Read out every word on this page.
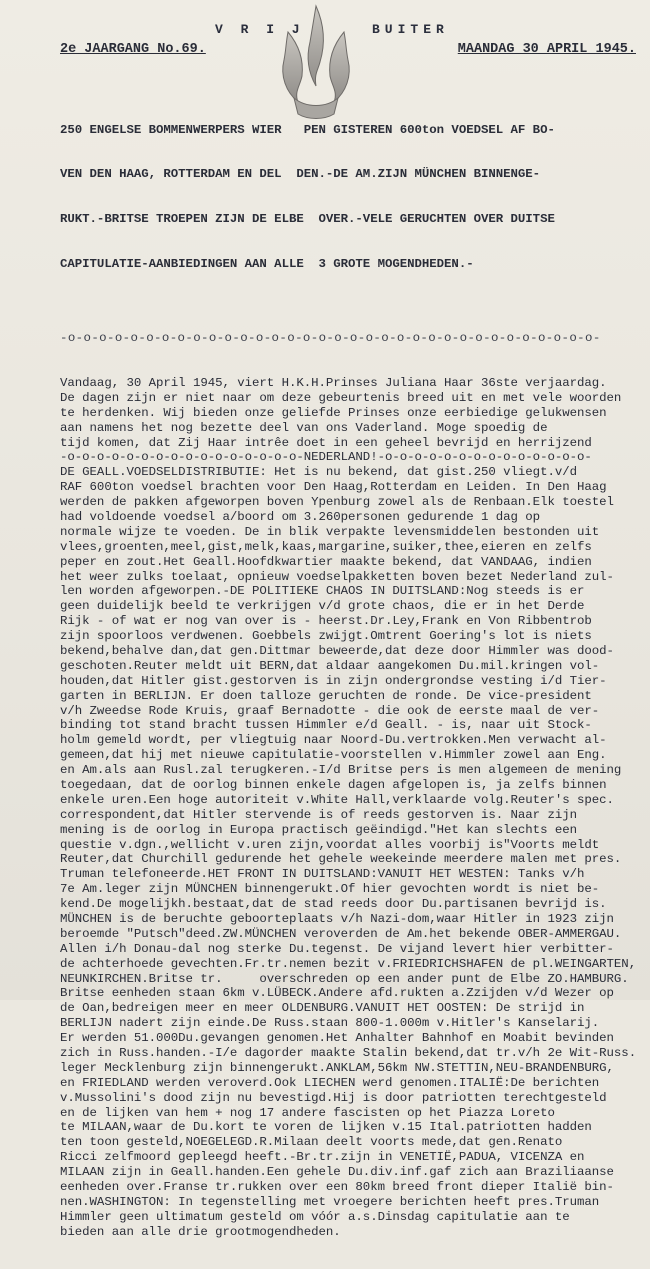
V R I J	BUITER
2e JAARGANG No.69.	MAANDAG 30 APRIL 1945.

250 ENGELSE BOMMENWERPERS WIER   PEN GISTEREN 600ton VOEDSEL AF BO-

VEN DEN HAAG, ROTTERDAM EN DEL  DEN.-DE AM.ZIJN MÜNCHEN BINNENGE-

RUKT.-BRITSE TROEPEN ZIJN DE ELBE  OVER.-VELE GERUCHTEN OVER DUITSE

CAPITULATIE-AANBIEDINGEN AAN ALLE  3 GROTE MOGENDHEDEN.-

-o-o-o-o-o-o-o-o-o-o-o-o-o-o-o-o-o-o-o-o-o-o-o-o-o-o-o-o-o-o-o-o-o-o-

Vandaag, 30 April 1945, viert H.K.H.Prinses Juliana Haar 36ste verjaardag.
De dagen zijn er niet naar om deze gebeurtenis breed uit en met vele woorden
te herdenken. Wij bieden onze geliefde Prinses onze eerbiedige gelukwensen
aan namens het nog bezette deel van ons Vaderland. Moge spoedig de
tijd komen, dat Zij Haar intrêe doet in een geheel bevrijd en herrijzend
-o-o-o-o-o-o-o-o-o-o-o-o-o-o-o-o-NEDERLAND!-o-o-o-o-o-o-o-o-o-o-o-o-o-o-
DE GEALL.VOEDSELDISTRIBUTIE: Het is nu bekend, dat gist.250 vliegt.v/d
RAF 600ton voedsel brachten voor Den Haag,Rotterdam en Leiden. In Den Haag
werden de pakken afgeworpen boven Ypenburg zowel als de Renbaan.Elk toestel
had voldoende voedsel a/boord om 3.260personen gedurende 1 dag op
normale wijze te voeden. De in blik verpakte levensmiddelen bestonden uit
vlees,groenten,meel,gist,melk,kaas,margarine,suiker,thee,eieren en zelfs
peper en zout.Het Geall.Hoofdkwartier maakte bekend, dat VANDAAG, indien
het weer zulks toelaat, opnieuw voedselpakketten boven bezet Nederland zul-
len worden afgeworpen.-DE POLITIEKE CHAOS IN DUITSLAND:Nog steeds is er
geen duidelijk beeld te verkrijgen v/d grote chaos, die er in het Derde
Rijk - of wat er nog van over is - heerst.Dr.Ley,Frank en Von Ribbentrob
zijn spoorloos verdwenen. Goebbels zwijgt.Omtrent Goering's lot is niets
bekend,behalve dan,dat gen.Dittmar beweerde,dat deze door Himmler was dood-
geschoten.Reuter meldt uit BERN,dat aldaar aangekomen Du.mil.kringen vol-
houden,dat Hitler gist.gestorven is in zijn ondergrondse vesting i/d Tier-
garten in BERLIJN. Er doen talloze geruchten de ronde. De vice-president
v/h Zweedse Rode Kruis, graaf Bernadotte - die ook de eerste maal de ver-
binding tot stand bracht tussen Himmler e/d Geall. - is, naar uit Stock-
holm gemeld wordt, per vliegtuig naar Noord-Du.vertrokken.Men verwacht al-
gemeen,dat hij met nieuwe capitulatie-voorstellen v.Himmler zowel aan Eng.
en Am.als aan Rusl.zal terugkeren.-I/d Britse pers is men algemeen de mening
toegedaan, dat de oorlog binnen enkele dagen afgelopen is, ja zelfs binnen
enkele uren.Een hoge autoriteit v.White Hall,verklaarde volg.Reuter's spec.
correspondent,dat Hitler stervende is of reeds gestorven is. Naar zijn
mening is de oorlog in Europa practisch geëindigd."Het kan slechts een
questie v.dgn.,wellicht v.uren zijn,voordat alles voorbij is"Voorts meldt
Reuter,dat Churchill gedurende het gehele weekeinde meerdere malen met pres.
Truman telefoneerde.HET FRONT IN DUITSLAND:VANUIT HET WESTEN: Tanks v/h
7e Am.leger zijn MÜNCHEN binnengerukt.Of hier gevochten wordt is niet be-
kend.De mogelijkh.bestaat,dat de stad reeds door Du.partisanen bevrijd is.
MÜNCHEN is de beruchte geboorteplaats v/h Nazi-dom,waar Hitler in 1923 zijn
beroemde "Putsch"deed.ZW.MÜNCHEN veroverden de Am.het bekende OBER-AMMERGAU.
Allen i/h Donau-dal nog sterke Du.tegenst. De vijand levert hier verbitter-
de achterhoede gevechten.Fr.tr.nemen bezit v.FRIEDRICHSHAFEN de pl.WEINGARTEN,
NEUNKIRCHEN.Britse tr.     overschreden op een ander punt de Elbe ZO.HAMBURG.
Britse eenheden staan 6km v.LÜBECK.Andere afd.rukten a.Zzijden v/d Wezer op
de Oan,bedreigen meer en meer OLDENBURG.VANUIT HET OOSTEN: De strijd in
BERLIJN nadert zijn einde.De Russ.staan 800-1.000m v.Hitler's Kanselarij.
Er werden 51.000Du.gevangen genomen.Het Anhalter Bahnhof en Moabit bevinden
zich in Russ.handen.-I/e dagorder maakte Stalin bekend,dat tr.v/h 2e Wit-Russ.
leger Mecklenburg zijn binnengerukt.ANKLAM,56km NW.STETTIN,NEU-BRANDENBURG,
en FRIEDLAND werden veroverd.Ook LIECHEN werd genomen.ITALIË:De berichten
v.Mussolini's dood zijn nu bevestigd.Hij is door patriotten terechtgesteld
en de lijken van hem + nog 17 andere fascisten op het Piazza Loreto
te MILAAN,waar de Du.kort te voren de lijken v.15 Ital.patriotten hadden
ten toon gesteld,NOEGELEGD.R.Milaan deelt voorts mede,dat gen.Renato
Ricci zelfmoord gepleegd heeft.-Br.tr.zijn in VENETIË,PADUA, VICENZA en
MILAAN zijn in Geall.handen.Een gehele Du.div.inf.gaf zich aan Braziliaanse
eenheden over.Franse tr.rukken over een 80km breed front dieper Italië bin-
nen.WASHINGTON: In tegenstelling met vroegere berichten heeft pres.Truman
Himmler geen ultimatum gesteld om vóór a.s.Dinsdag capitulatie aan te
bieden aan alle drie grootmogendheden.
